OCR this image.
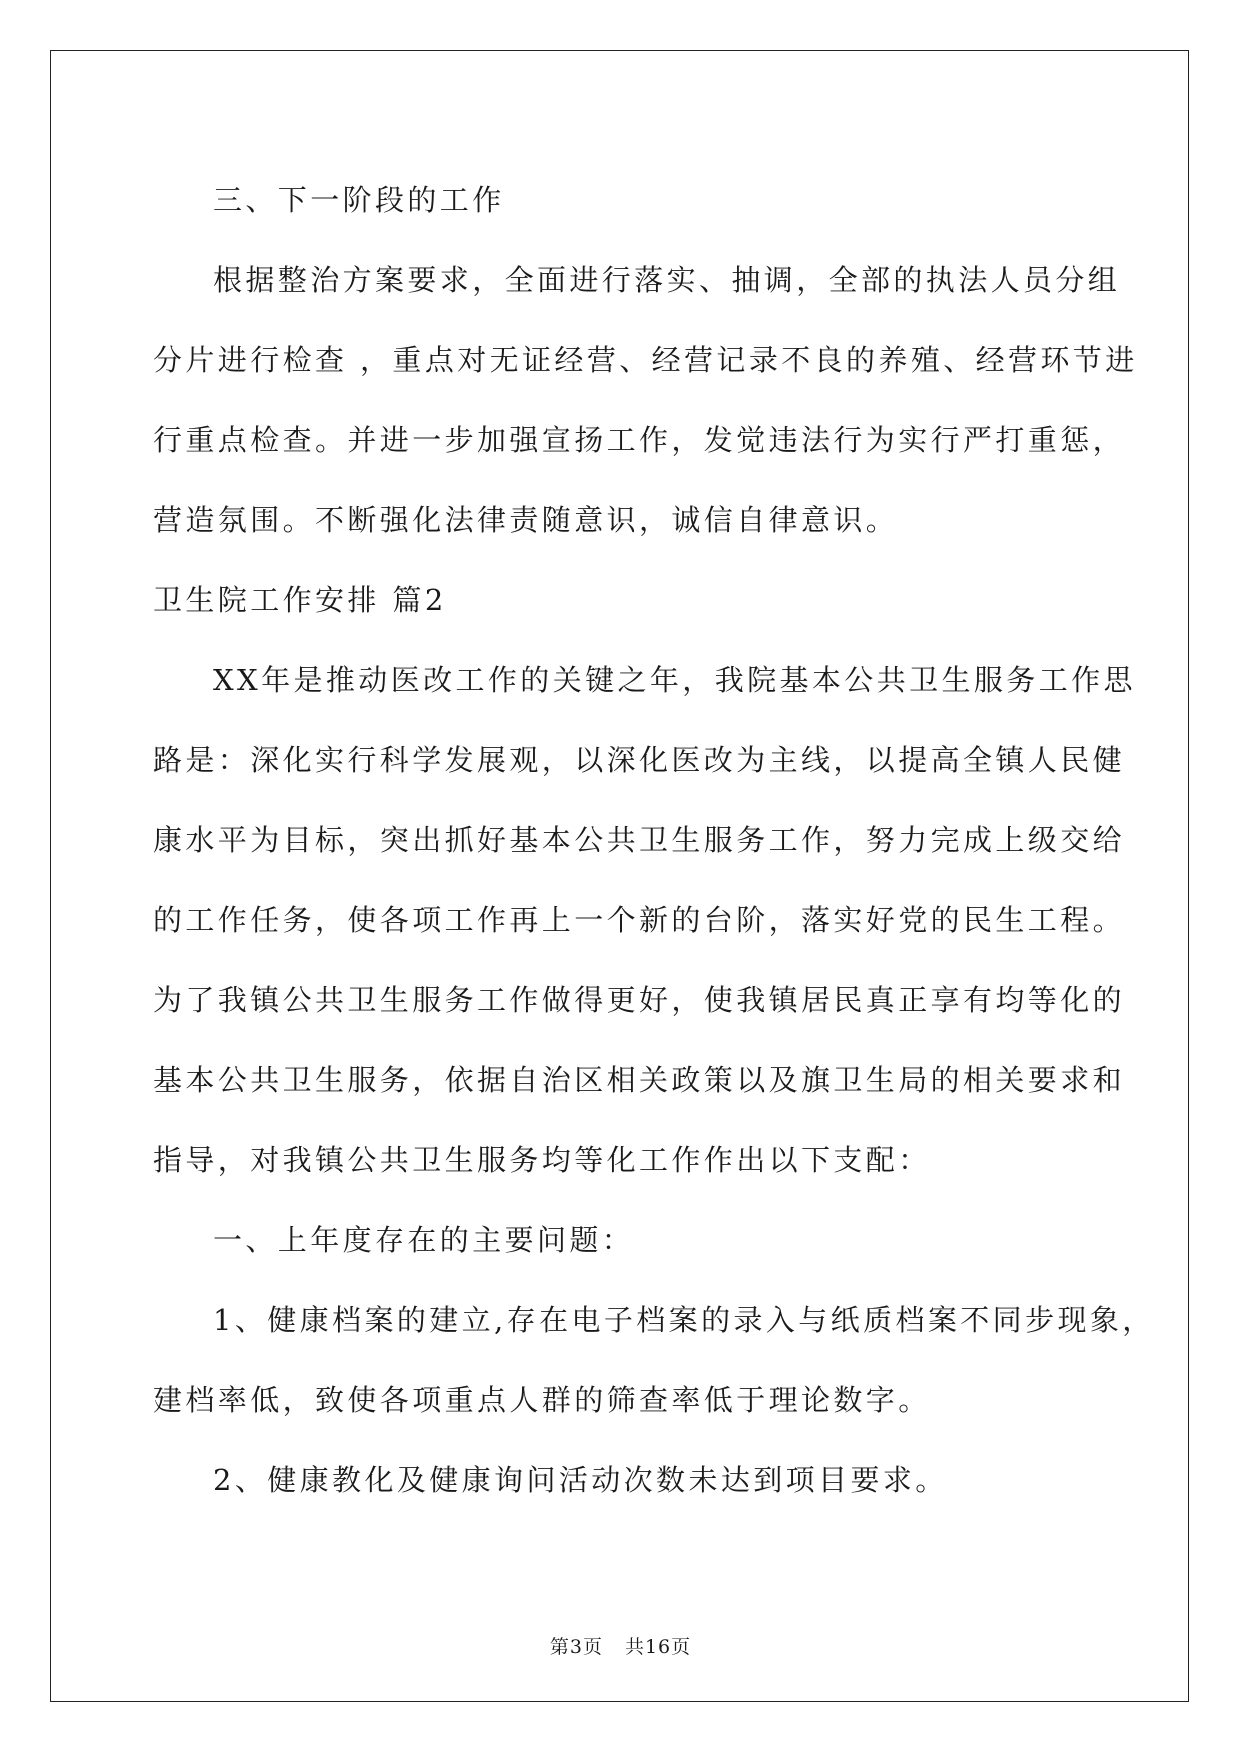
三、下一阶段的工作

根据整治方案要求，全面进行落实、抽调，全部的执法人员分组

分片进行检查 ，重点对无证经营、经营记录不良的养殖、经营环节进

行重点检查。并进一步加强宣扬工作，发觉违法行为实行严打重惩，

营造氛围。不断强化法律责随意识，诚信自律意识。

卫生院工作安排 篇2

XX年是推动医改工作的关键之年，我院基本公共卫生服务工作思

路是：深化实行科学发展观，以深化医改为主线，以提高全镇人民健

康水平为目标，突出抓好基本公共卫生服务工作，努力完成上级交给

的工作任务，使各项工作再上一个新的台阶，落实好党的民生工程。

为了我镇公共卫生服务工作做得更好，使我镇居民真正享有均等化的

基本公共卫生服务，依据自治区相关政策以及旗卫生局的相关要求和

指导，对我镇公共卫生服务均等化工作作出以下支配：

一、上年度存在的主要问题：

1、健康档案的建立,存在电子档案的录入与纸质档案不同步现象，

建档率低，致使各项重点人群的筛查率低于理论数字。

2、健康教化及健康询问活动次数未达到项目要求。

第3页 共16页
